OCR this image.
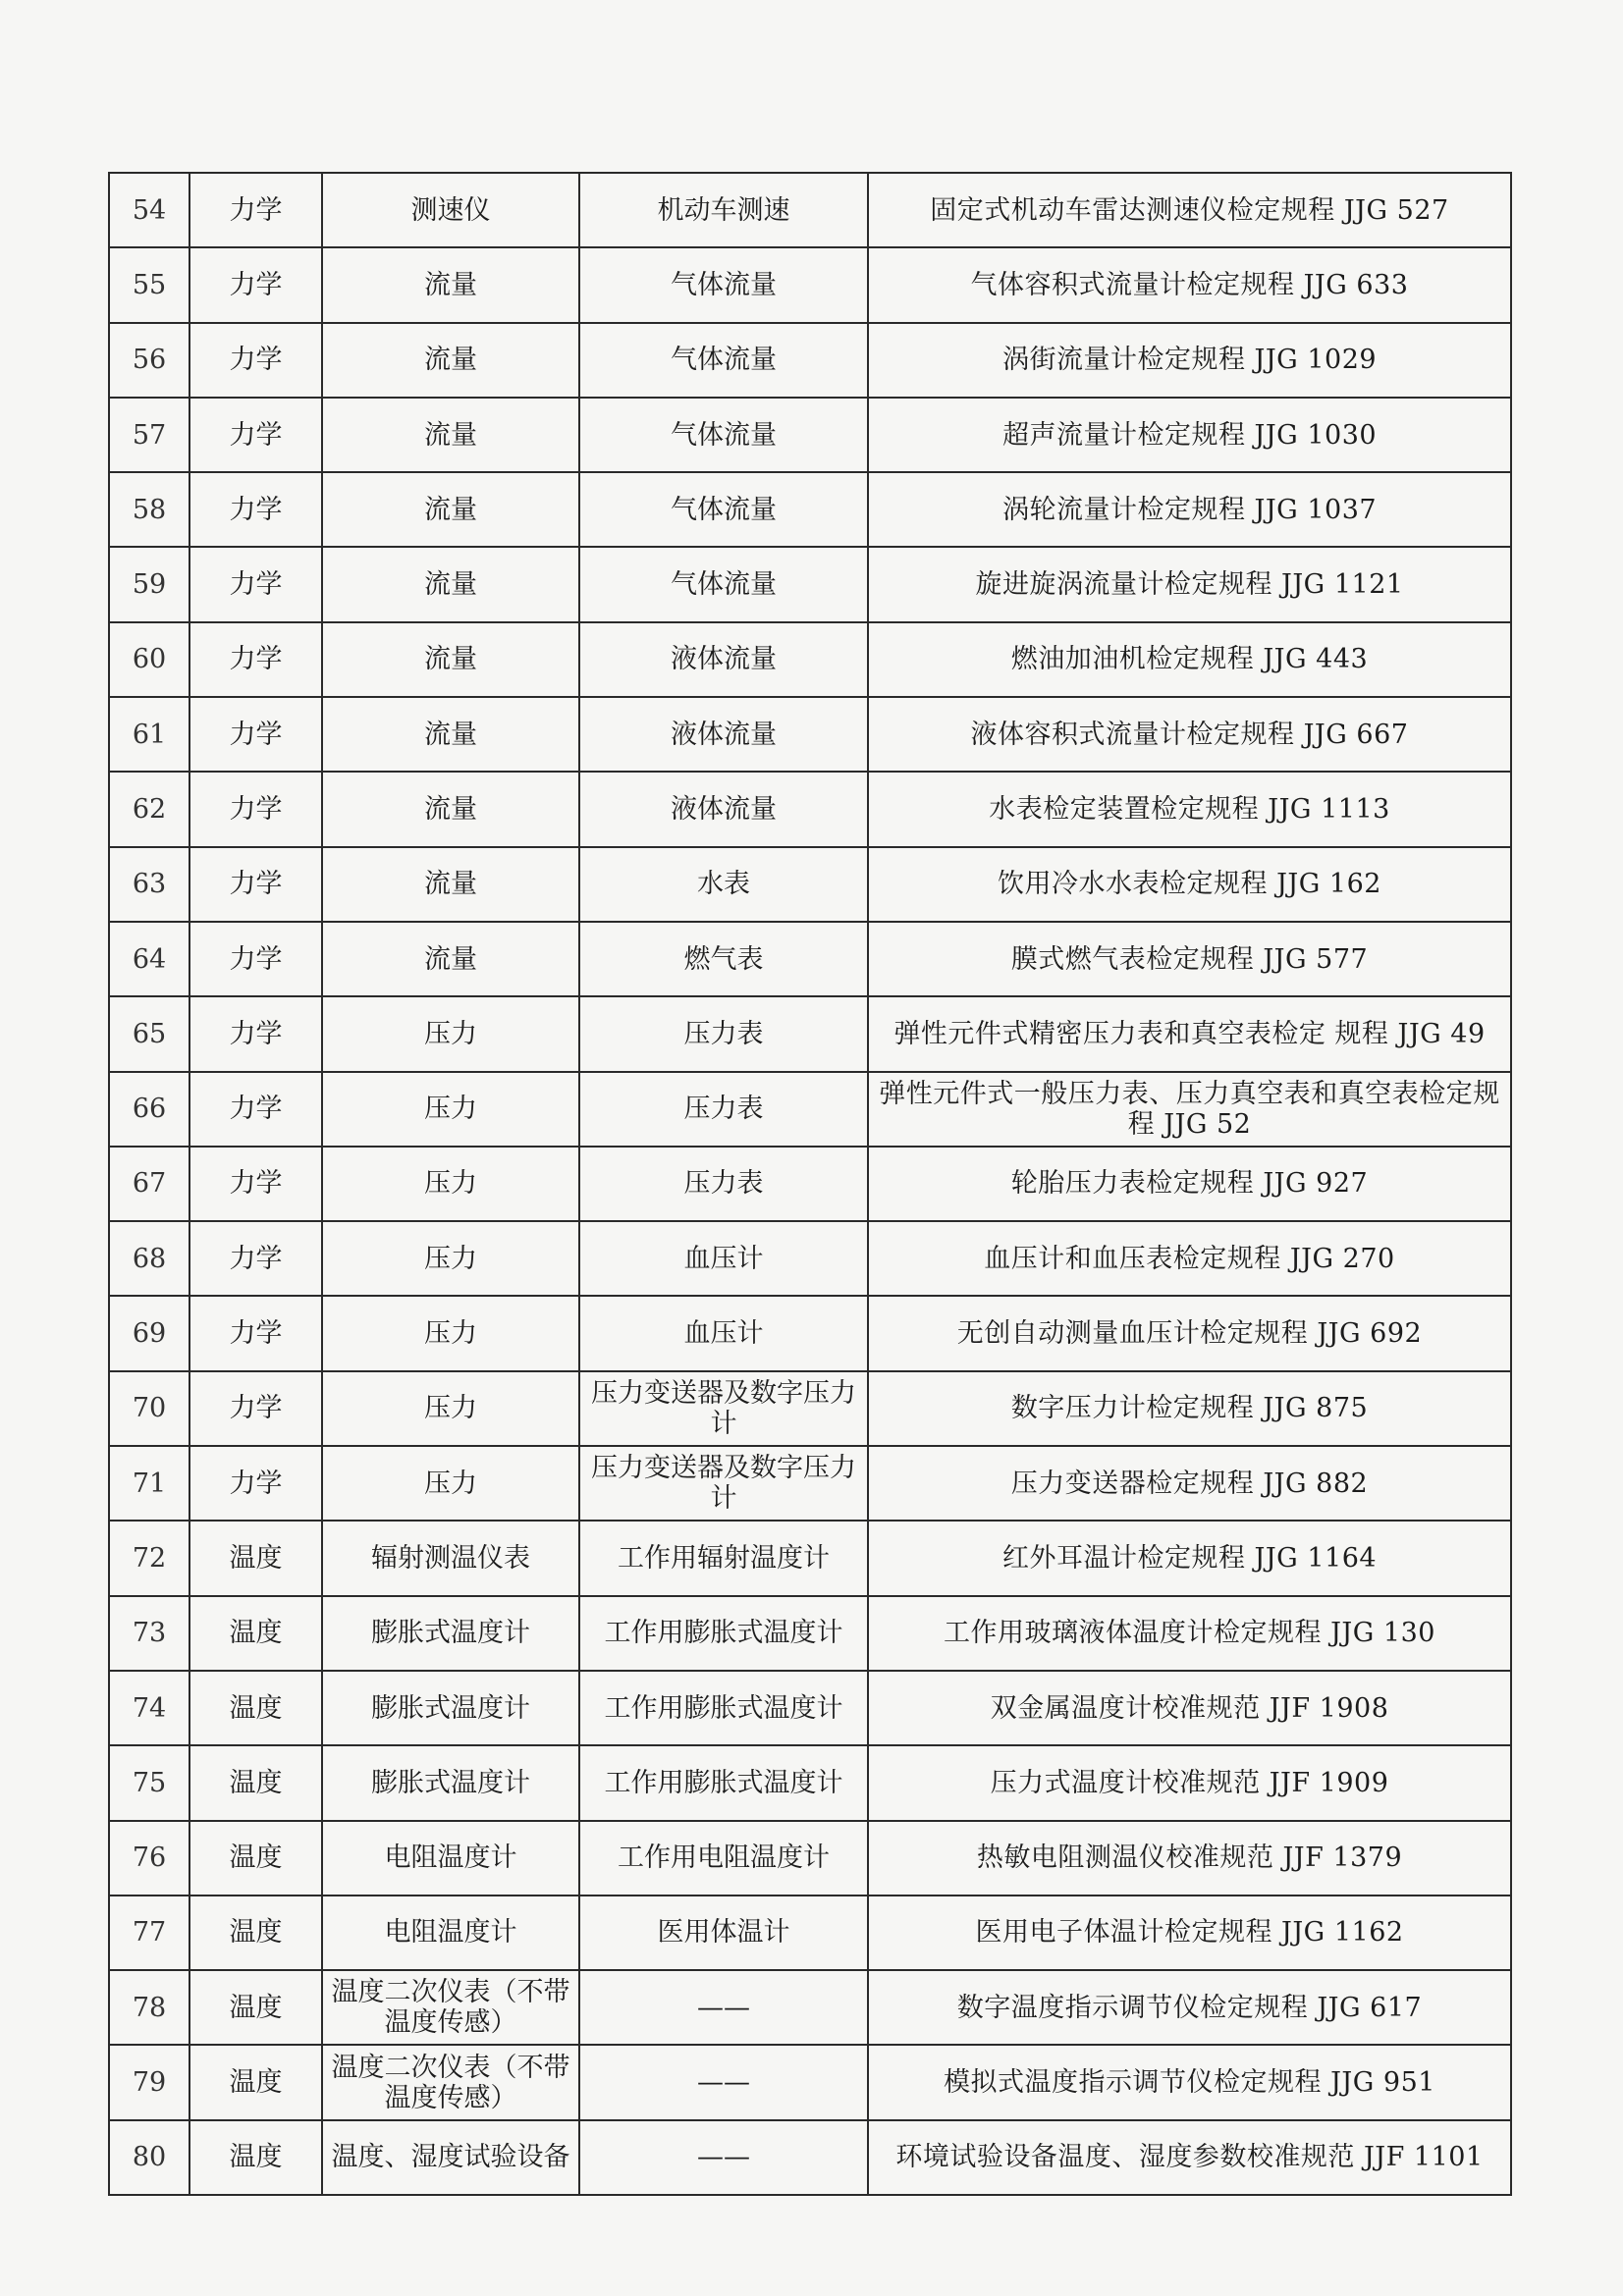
54	力学	测速仪	机动车测速	固定式机动车雷达测速仪检定规程 JJG 527
55	力学	流量	气体流量	气体容积式流量计检定规程 JJG 633
56	力学	流量	气体流量	涡街流量计检定规程 JJG 1029
57	力学	流量	气体流量	超声流量计检定规程 JJG 1030
58	力学	流量	气体流量	涡轮流量计检定规程 JJG 1037
59	力学	流量	气体流量	旋进旋涡流量计检定规程 JJG 1121
60	力学	流量	液体流量	燃油加油机检定规程 JJG 443
61	力学	流量	液体流量	液体容积式流量计检定规程 JJG 667
62	力学	流量	液体流量	水表检定装置检定规程 JJG 1113
63	力学	流量	水表	饮用冷水水表检定规程 JJG 162
64	力学	流量	燃气表	膜式燃气表检定规程 JJG 577
65	力学	压力	压力表	弹性元件式精密压力表和真空表检定 规程 JJG 49
66	力学	压力	压力表	弹性元件式一般压力表、压力真空表和真空表检定规程 JJG 52
67	力学	压力	压力表	轮胎压力表检定规程 JJG 927
68	力学	压力	血压计	血压计和血压表检定规程 JJG 270
69	力学	压力	血压计	无创自动测量血压计检定规程 JJG 692
70	力学	压力	压力变送器及数字压力计	数字压力计检定规程 JJG 875
71	力学	压力	压力变送器及数字压力计	压力变送器检定规程 JJG 882
72	温度	辐射测温仪表	工作用辐射温度计	红外耳温计检定规程 JJG 1164
73	温度	膨胀式温度计	工作用膨胀式温度计	工作用玻璃液体温度计检定规程 JJG 130
74	温度	膨胀式温度计	工作用膨胀式温度计	双金属温度计校准规范 JJF 1908
75	温度	膨胀式温度计	工作用膨胀式温度计	压力式温度计校准规范 JJF 1909
76	温度	电阻温度计	工作用电阻温度计	热敏电阻测温仪校准规范 JJF 1379
77	温度	电阻温度计	医用体温计	医用电子体温计检定规程 JJG 1162
78	温度	温度二次仪表（不带温度传感）	——	数字温度指示调节仪检定规程 JJG 617
79	温度	温度二次仪表（不带温度传感）	——	模拟式温度指示调节仪检定规程 JJG 951
80	温度	温度、湿度试验设备	——	环境试验设备温度、湿度参数校准规范 JJF 1101
